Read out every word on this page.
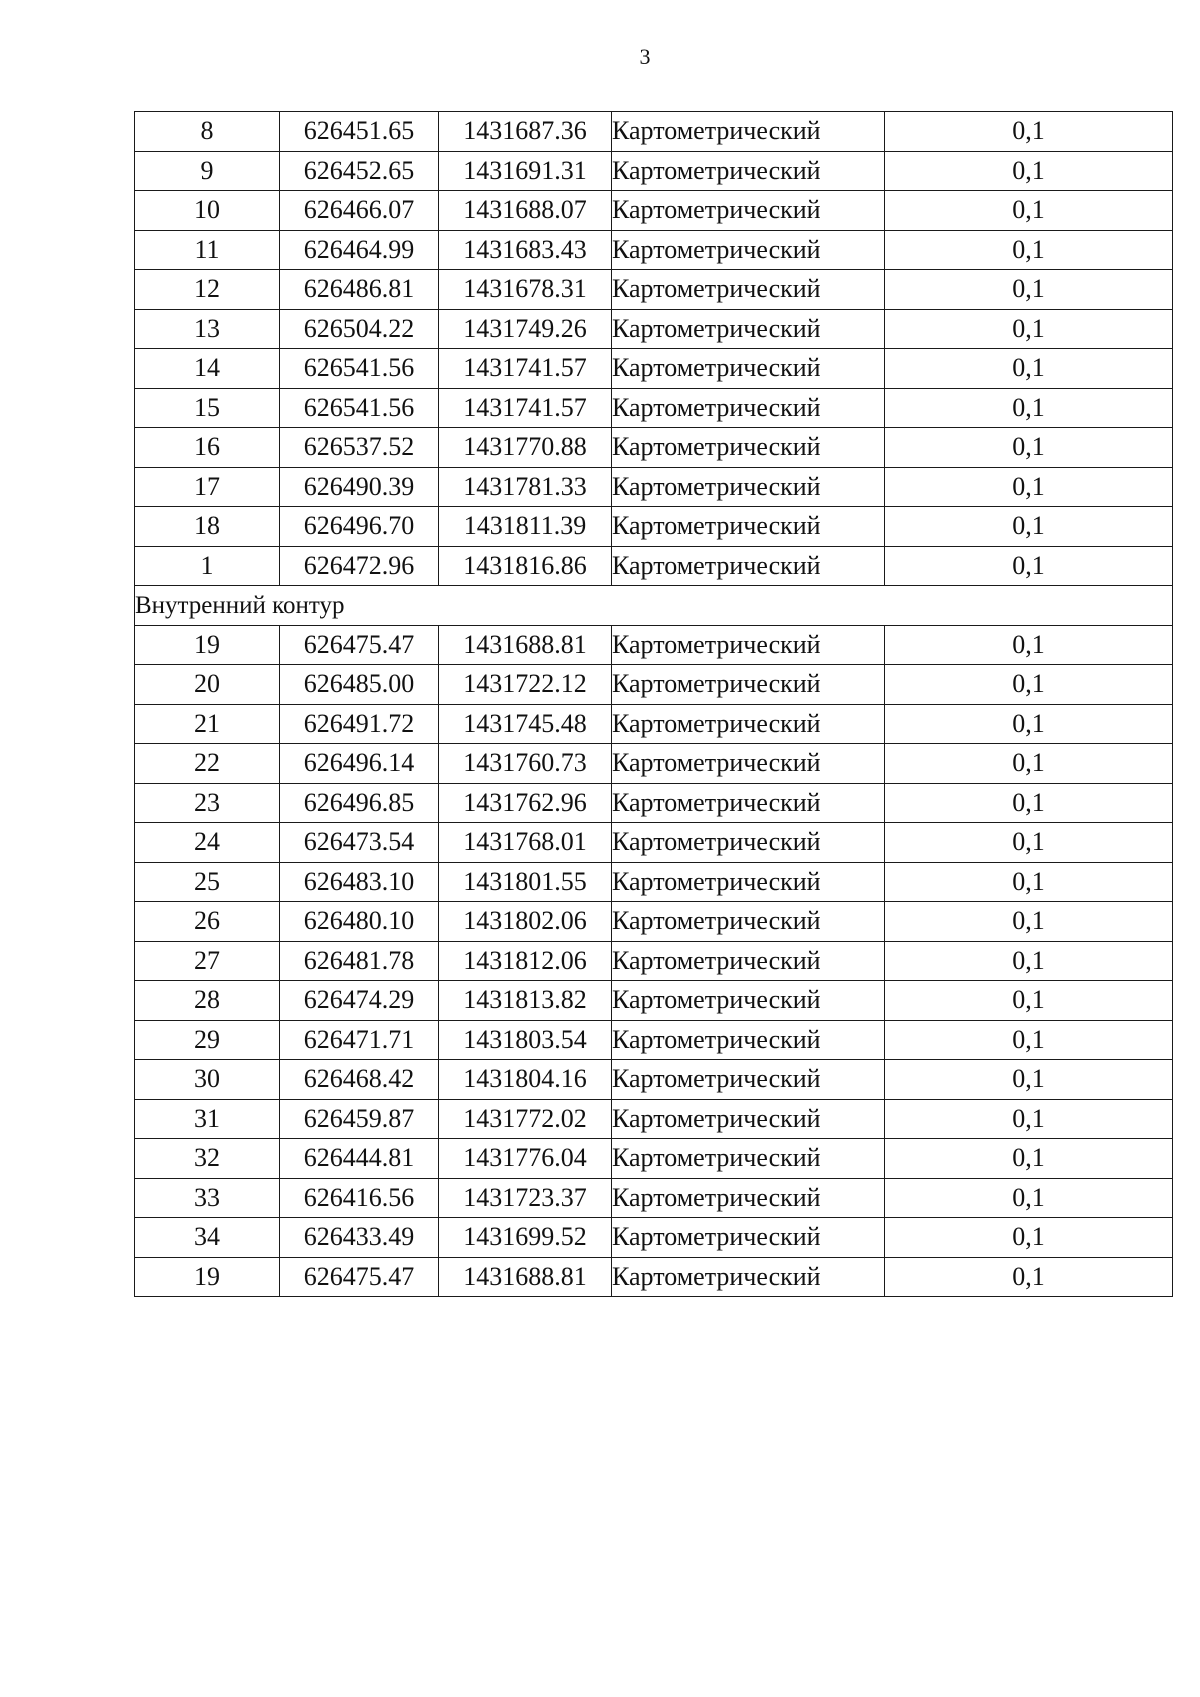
3
8	626451.65	1431687.36	Картометрический	0,1
9	626452.65	1431691.31	Картометрический	0,1
10	626466.07	1431688.07	Картометрический	0,1
11	626464.99	1431683.43	Картометрический	0,1
12	626486.81	1431678.31	Картометрический	0,1
13	626504.22	1431749.26	Картометрический	0,1
14	626541.56	1431741.57	Картометрический	0,1
15	626541.56	1431741.57	Картометрический	0,1
16	626537.52	1431770.88	Картометрический	0,1
17	626490.39	1431781.33	Картометрический	0,1
18	626496.70	1431811.39	Картометрический	0,1
1	626472.96	1431816.86	Картометрический	0,1
Внутренний контур				
19	626475.47	1431688.81	Картометрический	0,1
20	626485.00	1431722.12	Картометрический	0,1
21	626491.72	1431745.48	Картометрический	0,1
22	626496.14	1431760.73	Картометрический	0,1
23	626496.85	1431762.96	Картометрический	0,1
24	626473.54	1431768.01	Картометрический	0,1
25	626483.10	1431801.55	Картометрический	0,1
26	626480.10	1431802.06	Картометрический	0,1
27	626481.78	1431812.06	Картометрический	0,1
28	626474.29	1431813.82	Картометрический	0,1
29	626471.71	1431803.54	Картометрический	0,1
30	626468.42	1431804.16	Картометрический	0,1
31	626459.87	1431772.02	Картометрический	0,1
32	626444.81	1431776.04	Картометрический	0,1
33	626416.56	1431723.37	Картометрический	0,1
34	626433.49	1431699.52	Картометрический	0,1
19	626475.47	1431688.81	Картометрический	0,1
